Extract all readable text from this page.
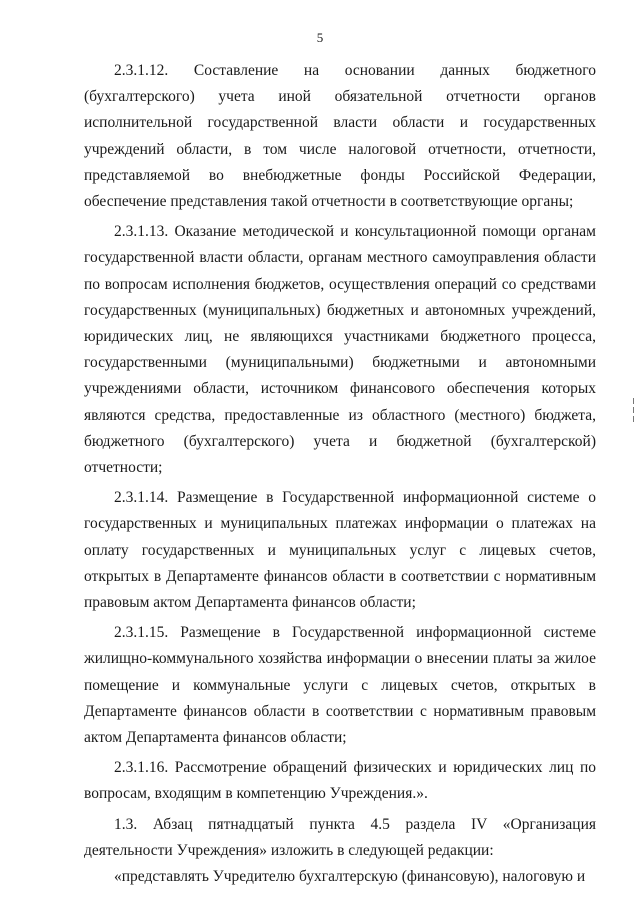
5

2.3.1.12. Составление на основании данных бюджетного (бухгалтерского) учета иной обязательной отчетности органов исполнительной государственной власти области и государственных учреждений области, в том числе налоговой отчетности, отчетности, представляемой во внебюджетные фонды Российской Федерации, обеспечение представления такой отчетности в соответствующие органы;

2.3.1.13. Оказание методической и консультационной помощи органам государственной власти области, органам местного самоуправления области по вопросам исполнения бюджетов, осуществления операций со средствами государственных (муниципальных) бюджетных и автономных учреждений, юридических лиц, не являющихся участниками бюджетного процесса, государственными (муниципальными) бюджетными и автономными учреждениями области, источником финансового обеспечения которых являются средства, предоставленные из областного (местного) бюджета, бюджетного (бухгалтерского) учета и бюджетной (бухгалтерской) отчетности;

2.3.1.14. Размещение в Государственной информационной системе о государственных и муниципальных платежах информации о платежах на оплату государственных и муниципальных услуг с лицевых счетов, открытых в Департаменте финансов области в соответствии с нормативным правовым актом Департамента финансов области;

2.3.1.15. Размещение в Государственной информационной системе жилищно-коммунального хозяйства информации о внесении платы за жилое помещение и коммунальные услуги с лицевых счетов, открытых в Департаменте финансов области в соответствии с нормативным правовым актом Департамента финансов области;

2.3.1.16. Рассмотрение обращений физических и юридических лиц по вопросам, входящим в компетенцию Учреждения.».

1.3. Абзац пятнадцатый пункта 4.5 раздела IV «Организация деятельности Учреждения» изложить в следующей редакции:

«представлять Учредителю бухгалтерскую (финансовую), налоговую и
